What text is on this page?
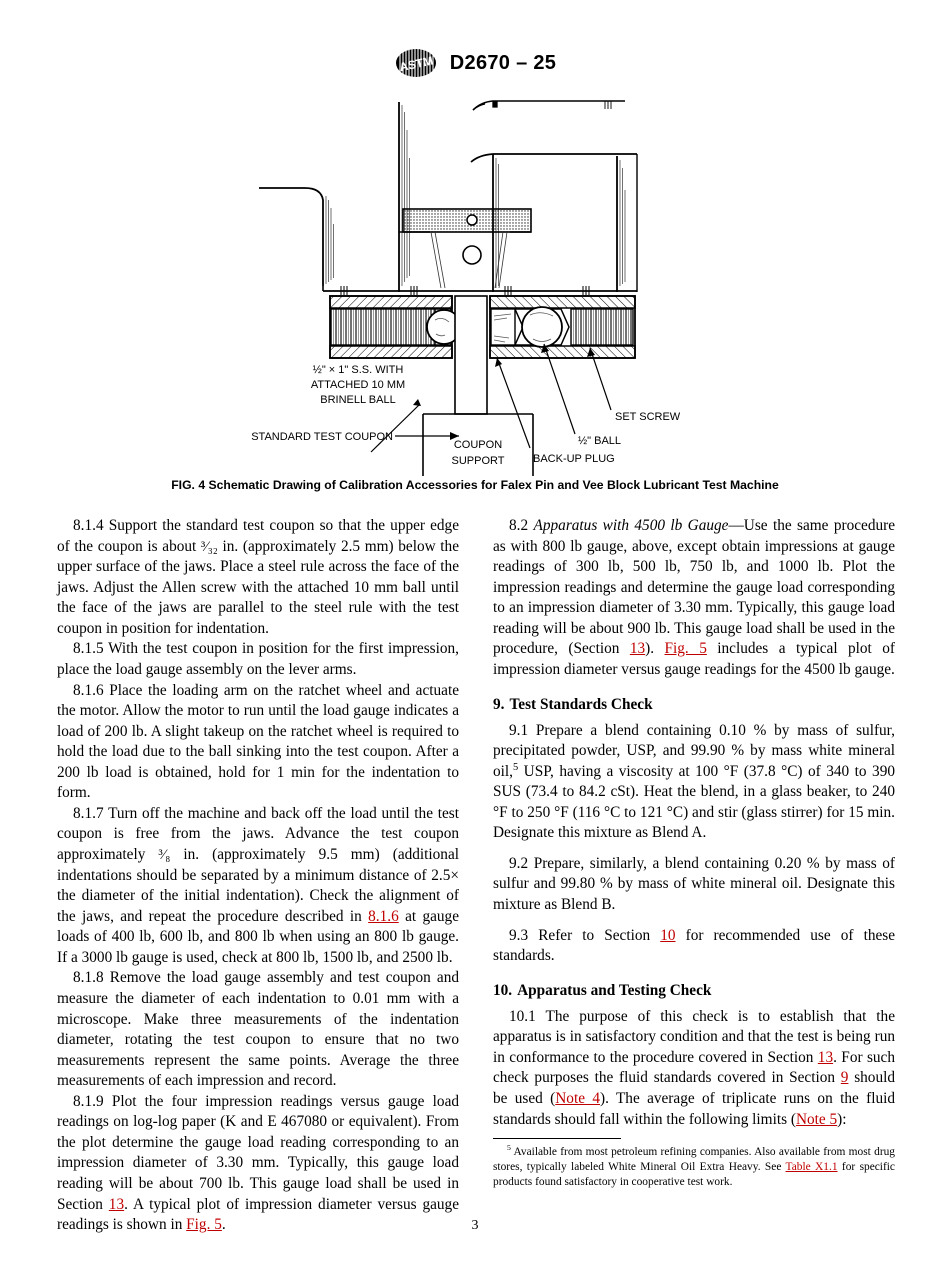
ASTM D2670 – 25
½" × 1" S.S. WITH
ATTACHED 10 MM
BRINELL BALL
STANDARD TEST COUPON
COUPON
SUPPORT	BACK-UP PLUG
½" BALL
SET SCREW
FIG. 4 Schematic Drawing of Calibration Accessories for Falex Pin and Vee Block Lubricant Test Machine

8.1.4 Support the standard test coupon so that the upper edge of the coupon is about ³⁄₃₂ in. (approximately 2.5 mm) below the upper surface of the jaws. Place a steel rule across the face of the jaws. Adjust the Allen screw with the attached 10 mm ball until the face of the jaws are parallel to the steel rule with the test coupon in position for indentation.

8.1.5 With the test coupon in position for the first impression, place the load gauge assembly on the lever arms.

8.1.6 Place the loading arm on the ratchet wheel and actuate the motor. Allow the motor to run until the load gauge indicates a load of 200 lb. A slight takeup on the ratchet wheel is required to hold the load due to the ball sinking into the test coupon. After a 200 lb load is obtained, hold for 1 min for the indentation to form.

8.1.7 Turn off the machine and back off the load until the test coupon is free from the jaws. Advance the test coupon approximately ³⁄₈ in. (approximately 9.5 mm) (additional indentations should be separated by a minimum distance of 2.5× the diameter of the initial indentation). Check the alignment of the jaws, and repeat the procedure described in 8.1.6 at gauge loads of 400 lb, 600 lb, and 800 lb when using an 800 lb gauge. If a 3000 lb gauge is used, check at 800 lb, 1500 lb, and 2500 lb.

8.1.8 Remove the load gauge assembly and test coupon and measure the diameter of each indentation to 0.01 mm with a microscope. Make three measurements of the indentation diameter, rotating the test coupon to ensure that no two measurements represent the same points. Average the three measurements of each impression and record.

8.1.9 Plot the four impression readings versus gauge load readings on log-log paper (K and E 467080 or equivalent). From the plot determine the gauge load reading corresponding to an impression diameter of 3.30 mm. Typically, this gauge load reading will be about 700 lb. This gauge load shall be used in Section 13. A typical plot of impression diameter versus gauge readings is shown in Fig. 5.

8.2 Apparatus with 4500 lb Gauge—Use the same procedure as with 800 lb gauge, above, except obtain impressions at gauge readings of 300 lb, 500 lb, 750 lb, and 1000 lb. Plot the impression readings and determine the gauge load corresponding to an impression diameter of 3.30 mm. Typically, this gauge load reading will be about 900 lb. This gauge load shall be used in the procedure, (Section 13). Fig. 5 includes a typical plot of impression diameter versus gauge readings for the 4500 lb gauge.

9. Test Standards Check

9.1 Prepare a blend containing 0.10 % by mass of sulfur, precipitated powder, USP, and 99.90 % by mass white mineral oil,$^5$ USP, having a viscosity at 100 °F (37.8 °C) of 340 to 390 SUS (73.4 to 84.2 cSt). Heat the blend, in a glass beaker, to 240 °F to 250 °F (116 °C to 121 °C) and stir (glass stirrer) for 15 min. Designate this mixture as Blend A.

9.2 Prepare, similarly, a blend containing 0.20 % by mass of sulfur and 99.80 % by mass of white mineral oil. Designate this mixture as Blend B.

9.3 Refer to Section 10 for recommended use of these standards.

10. Apparatus and Testing Check

10.1 The purpose of this check is to establish that the apparatus is in satisfactory condition and that the test is being run in conformance to the procedure covered in Section 13. For such check purposes the fluid standards covered in Section 9 should be used (Note 4). The average of triplicate runs on the fluid standards should fall within the following limits (Note 5):

$^5$ Available from most petroleum refining companies. Also available from most drug stores, typically labeled White Mineral Oil Extra Heavy. See Table X1.1 for specific products found satisfactory in cooperative test work.

3
